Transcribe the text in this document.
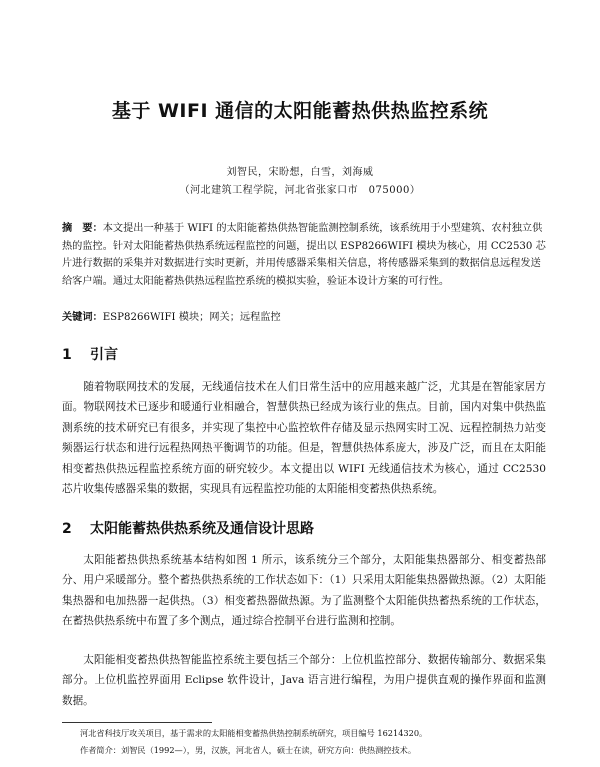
基于 WIFI 通信的太阳能蓄热供热监控系统
刘智民，宋盼想，白雪，刘海威
（河北建筑工程学院，河北省张家口市　075000）
摘　要：本文提出一种基于 WIFI 的太阳能蓄热供热智能监测控制系统，该系统用于小型建筑、农村独立供热的监控。针对太阳能蓄热供热系统远程监控的问题，提出以 ESP8266WIFI 模块为核心，用 CC2530 芯片进行数据的采集并对数据进行实时更新，并用传感器采集相关信息，将传感器采集到的数据信息远程发送给客户端。通过太阳能蓄热供热远程监控系统的模拟实验，验证本设计方案的可行性。
关键词：ESP8266WIFI 模块；网关；远程监控
1 引言
随着物联网技术的发展，无线通信技术在人们日常生活中的应用越来越广泛，尤其是在智能家居方面。物联网技术已逐步和暖通行业相融合，智慧供热已经成为该行业的焦点。目前，国内对集中供热监测系统的技术研究已有很多，并实现了集控中心监控软件存储及显示热网实时工况、远程控制热力站变频器运行状态和进行远程热网热平衡调节的功能。但是，智慧供热体系庞大，涉及广泛，而且在太阳能相变蓄热供热远程监控系统方面的研究较少。本文提出以 WIFI 无线通信技术为核心，通过 CC2530 芯片收集传感器采集的数据，实现具有远程监控功能的太阳能相变蓄热供热系统。
2 太阳能蓄热供热系统及通信设计思路
太阳能蓄热供热系统基本结构如图 1 所示，该系统分三个部分，太阳能集热器部分、相变蓄热部分、用户采暖部分。整个蓄热供热系统的工作状态如下：（1）只采用太阳能集热器做热源。（2）太阳能集热器和电加热器一起供热。（3）相变蓄热器做热源。为了监测整个太阳能供热蓄热系统的工作状态，在蓄热供热系统中布置了多个测点，通过综合控制平台进行监测和控制。
太阳能相变蓄热供热智能监控系统主要包括三个部分：上位机监控部分、数据传输部分、数据采集部分。上位机监控界面用 Eclipse 软件设计，Java 语言进行编程，为用户提供直观的操作界面和监测数据。
河北省科技厅攻关项目，基于需求的太阳能相变蓄热供热控制系统研究，项目编号 16214320。
作者简介：刘智民（1992—），男，汉族，河北省人，硕士在读，研究方向：供热测控技术。
